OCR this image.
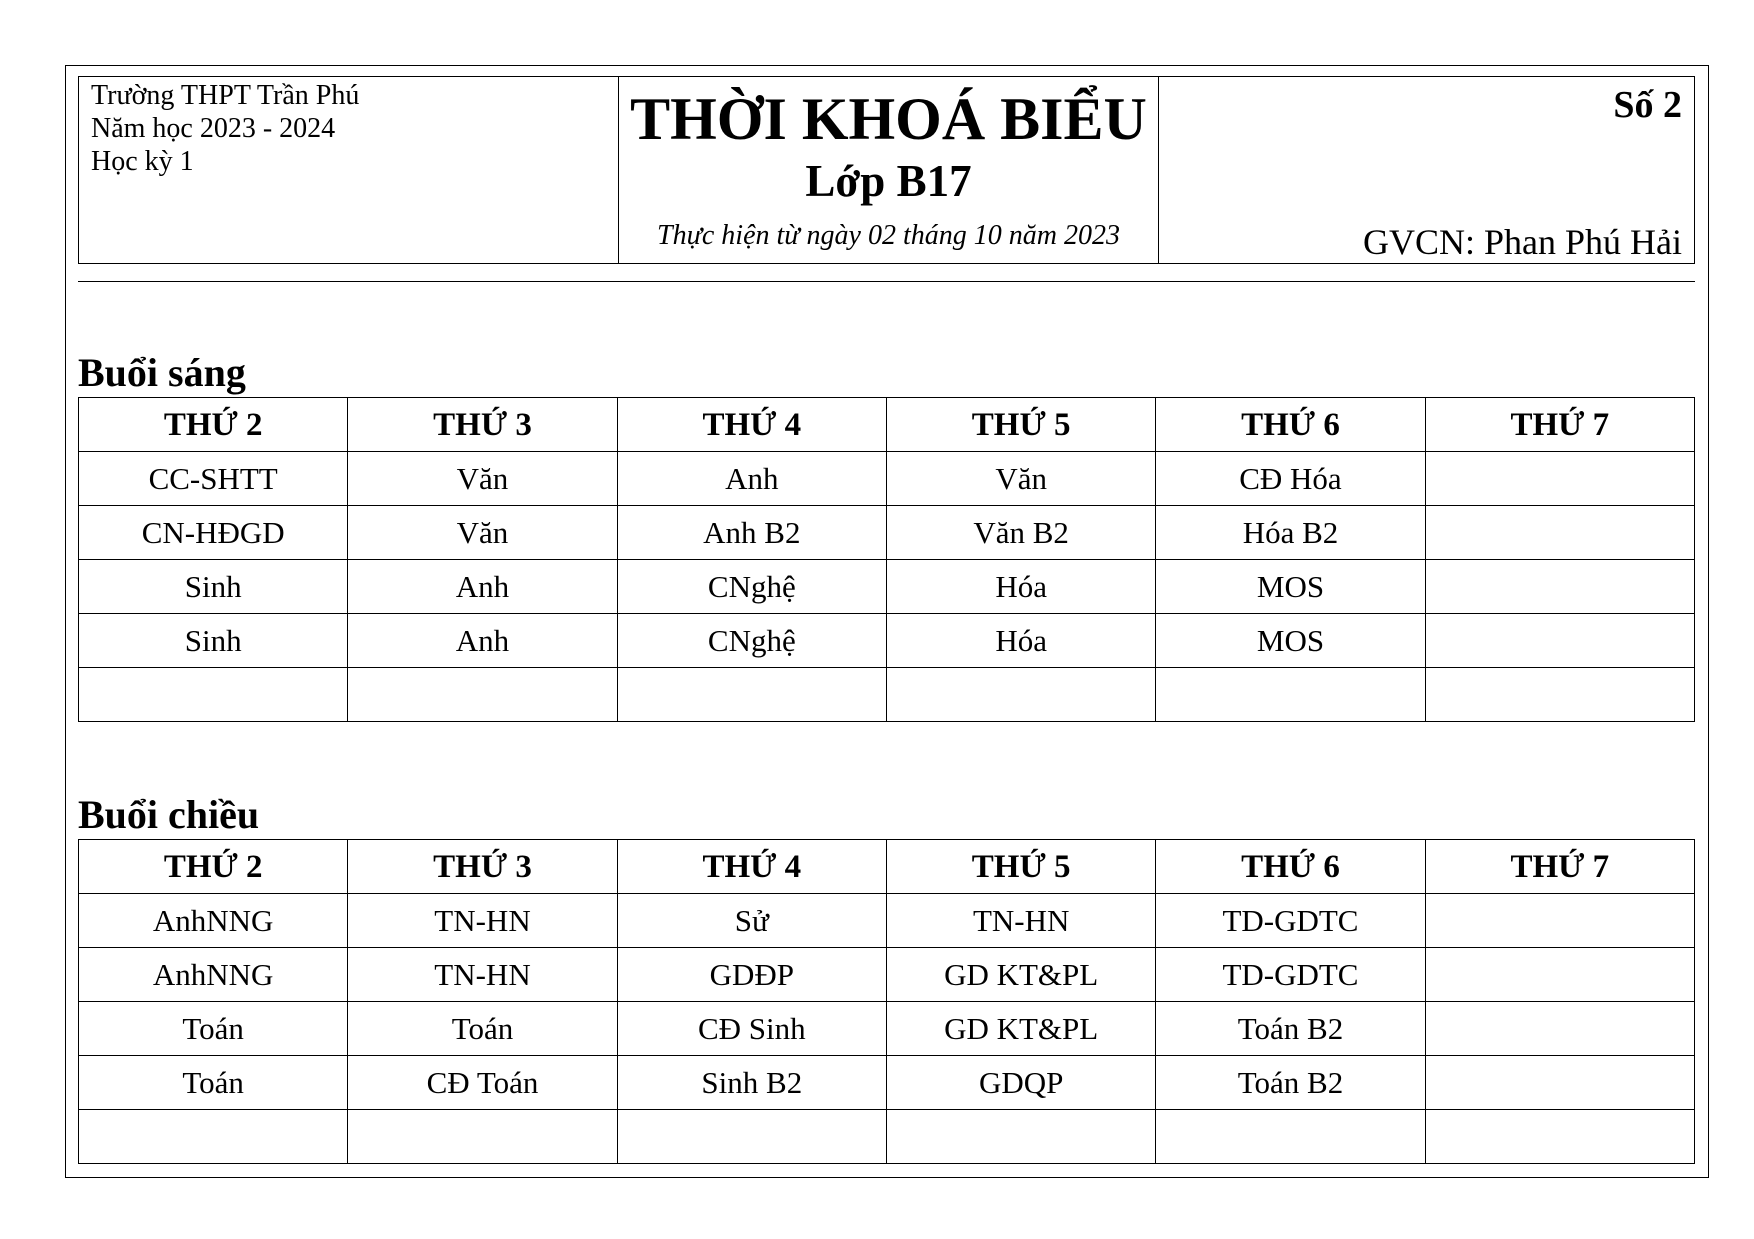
Trường THPT Trần Phú
Năm học 2023 - 2024
Học kỳ 1
THỜI KHOÁ BIỂU
Lớp B17
Thực hiện từ ngày 02 tháng 10 năm 2023
Số 2
GVCN: Phan Phú Hải
Buổi sáng
THỨ 2	THỨ 3	THỨ 4	THỨ 5	THỨ 6	THỨ 7
CC-SHTT	Văn	Anh	Văn	CĐ Hóa	
CN-HĐGD	Văn	Anh B2	Văn B2	Hóa B2	
Sinh	Anh	CNghệ	Hóa	MOS	
Sinh	Anh	CNghệ	Hóa	MOS	

Buổi chiều
THỨ 2	THỨ 3	THỨ 4	THỨ 5	THỨ 6	THỨ 7
AnhNNG	TN-HN	Sử	TN-HN	TD-GDTC	
AnhNNG	TN-HN	GDĐP	GD KT&PL	TD-GDTC	
Toán	Toán	CĐ Sinh	GD KT&PL	Toán B2	
Toán	CĐ Toán	Sinh B2	GDQP	Toán B2	
